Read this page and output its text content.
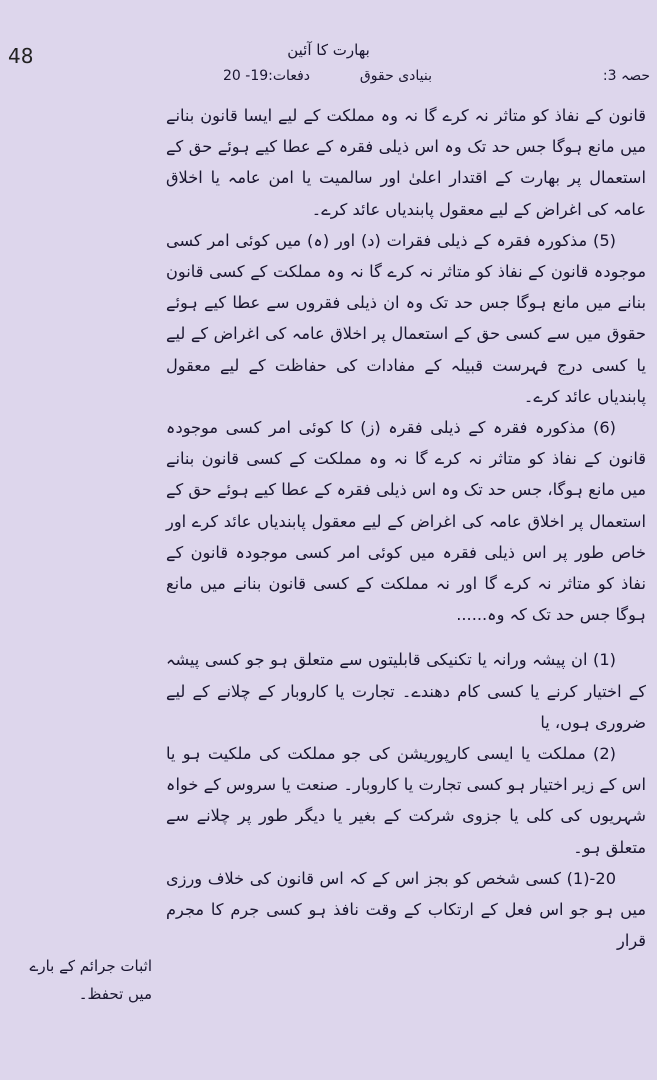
48	بھارت کا آئین
حصہ 3:
بنیادی حقوق
دفعات:19- 20

قانون کے نفاذ کو متاثر نہ کرے گا نہ وہ مملکت کے لیے ایسا قانون بنانے میں مانع ہوگا جس حد تک وہ اس ذیلی فقرہ کے عطا کیے ہوئے حق کے استعمال پر بھارت کے اقتدار اعلیٰ اور سالمیت یا امن عامہ یا اخلاق عامہ کی اغراض کے لیے معقول پابندیاں عائد کرے۔

(5) مذکورہ فقرہ کے ذیلی فقرات (د) اور (ہ) میں کوئی امر کسی موجودہ قانون کے نفاذ کو متاثر نہ کرے گا نہ وہ مملکت کے کسی قانون بنانے میں مانع ہوگا جس حد تک وہ ان ذیلی فقروں سے عطا کیے ہوئے حقوق میں سے کسی حق کے استعمال پر اخلاق عامہ کی اغراض کے لیے یا کسی درج فہرست قبیلہ کے مفادات کی حفاظت کے لیے معقول پابندیاں عائد کرے۔

(6) مذکورہ فقرہ کے ذیلی فقرہ (ز) کا کوئی امر کسی موجودہ قانون کے نفاذ کو متاثر نہ کرے گا نہ وہ مملکت کے کسی قانون بنانے میں مانع ہوگا، جس حد تک وہ اس ذیلی فقرہ کے عطا کیے ہوئے حق کے استعمال پر اخلاق عامہ کی اغراض کے لیے معقول پابندیاں عائد کرے اور خاص طور پر اس ذیلی فقرہ میں کوئی امر کسی موجودہ قانون کے نفاذ کو متاثر نہ کرے گا اور نہ مملکت کے کسی قانون بنانے میں مانع ہوگا جس حد تک کہ وہ......

(1) ان پیشہ ورانہ یا تکنیکی قابلیتوں سے متعلق ہو جو کسی پیشہ کے اختیار کرنے یا کسی کام دھندے۔ تجارت یا کاروبار کے چلانے کے لیے ضروری ہوں، یا

(2) مملکت یا ایسی کارپوریشن کی جو مملکت کی ملکیت ہو یا اس کے زیر اختیار ہو کسی تجارت یا کاروبار۔ صنعت یا سروس کے خواہ شہریوں کی کلی یا جزوی شرکت کے بغیر یا دیگر طور پر چلانے سے متعلق ہو۔

20-(1) کسی شخص کو بجز اس کے کہ اس قانون کی خلاف ورزی میں ہو جو اس فعل کے ارتکاب کے وقت نافذ ہو کسی جرم کا مجرم قرار

اثبات جرائم کے بارے

میں تحفظ۔
